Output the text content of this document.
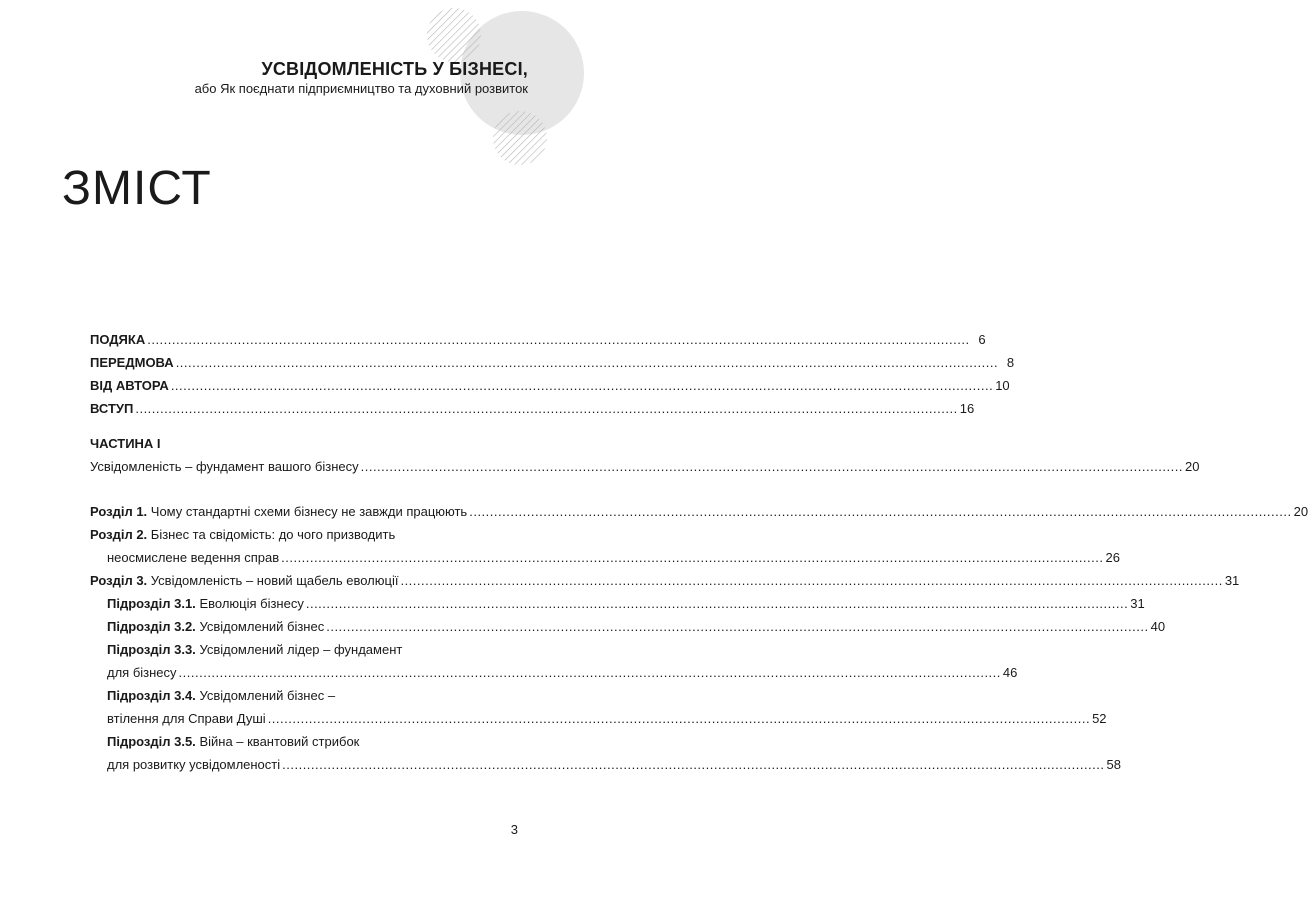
УСВІДОМЛЕНІСТЬ У БІЗНЕСІ,
або Як поєднати підприємництво та духовний розвиток
ЗМІСТ
ПОДЯКА ........................................................................................................................................................................................................ 6
ПЕРЕДМОВА ........................................................................................................................................................................................................ 8
ВІД АВТОРА ........................................................................................................................................................................................................ 10
ВСТУП ........................................................................................................................................................................................................ 16
ЧАСТИНА І
Усвідомленість – фундамент вашого бізнесу ........................................................................................................................................................................................................ 20
Розділ 1. Чому стандартні схеми бізнесу не завжди працюють ........................................................................................................................................................................................................ 20
Розділ 2. Бізнес та свідомість: до чого призводить
неосмислене ведення справ ........................................................................................................................................................................................................ 26
Розділ 3. Усвідомленість – новий щабель еволюції ........................................................................................................................................................................................................ 31
Підрозділ 3.1. Еволюція бізнесу ........................................................................................................................................................................................................ 31
Підрозділ 3.2. Усвідомлений бізнес ........................................................................................................................................................................................................ 40
Підрозділ 3.3. Усвідомлений лідер – фундамент
для бізнесу ........................................................................................................................................................................................................ 46
Підрозділ 3.4. Усвідомлений бізнес –
втілення для Справи Душі ........................................................................................................................................................................................................ 52
Підрозділ 3.5. Війна – квантовий стрибок
для розвитку усвідомленості ........................................................................................................................................................................................................ 58
3
